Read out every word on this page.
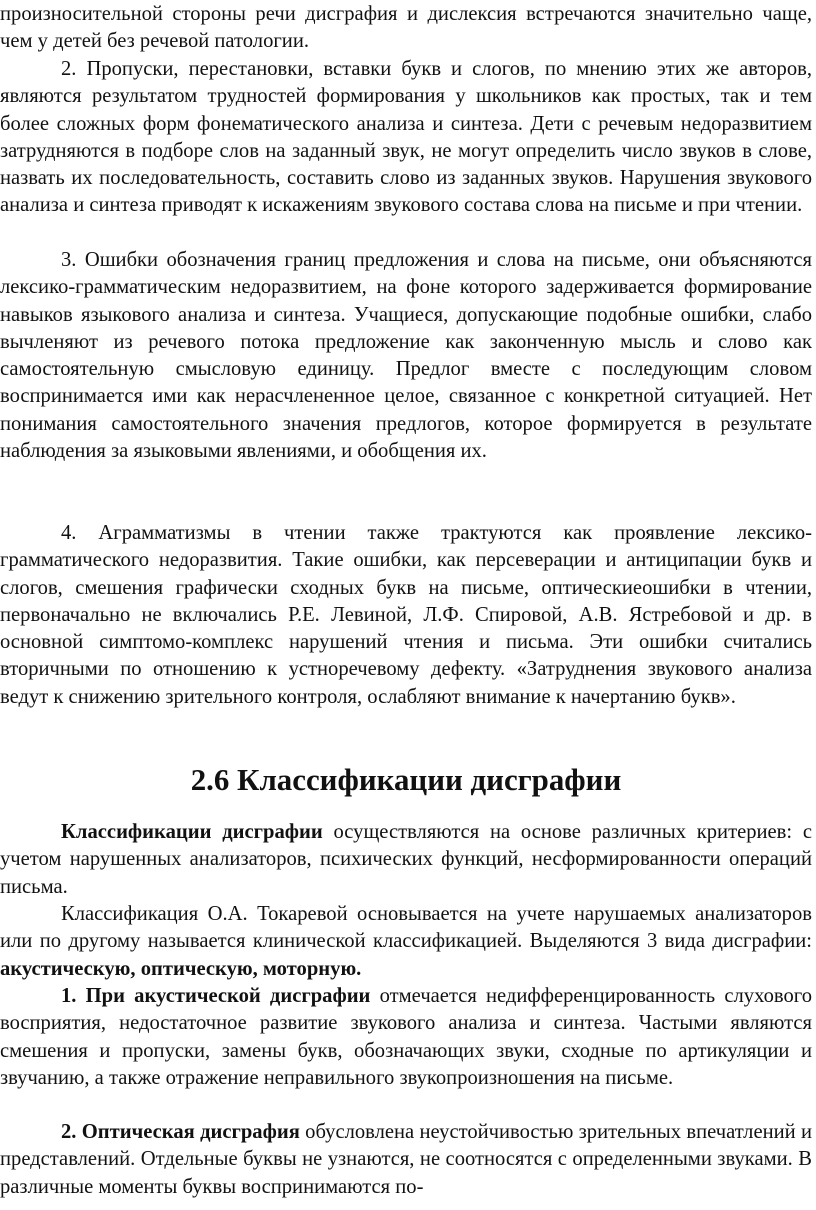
произносительной стороны речи дисграфия и дислексия встречаются значительно чаще, чем у детей без речевой патологии.

2. Пропуски, перестановки, вставки букв и слогов, по мнению этих же авторов, являются результатом трудностей формирования у школьников как простых, так и тем более сложных форм фонематического анализа и синтеза. Дети с речевым недоразвитием затрудняются в подборе слов на заданный звук, не могут определить число звуков в слове, назвать их последовательность, составить слово из заданных звуков. Нарушения звукового анализа и синтеза приводят к искажениям звукового состава слова на письме и при чтении.

3. Ошибки обозначения границ предложения и слова на письме, они объясняются лексико-грамматическим недоразвитием, на фоне которого задерживается формирование навыков языкового анализа и синтеза. Учащиеся, допускающие подобные ошибки, слабо вычленяют из речевого потока предложение как законченную мысль и слово как самостоятельную смысловую единицу. Предлог вместе с последующим словом воспринимается ими как нерасчлененное целое, связанное с конкретной ситуацией. Нет понимания самостоятельного значения предлогов, которое формируется в результате наблюдения за языковыми явлениями, и обобщения их.

4. Аграмматизмы в чтении также трактуются как проявление лексико-грамматического недоразвития. Такие ошибки, как персеверации и антиципации букв и слогов, смешения графически сходных букв на письме, оптическиеошибки в чтении, первоначально не включались Р.Е. Левиной, Л.Ф. Спировой, А.В. Ястребовой и др. в основной симптомо-комплекс нарушений чтения и письма. Эти ошибки считались вторичными по отношению к устноречевому дефекту. «Затруднения звукового анализа ведут к снижению зрительного контроля, ослабляют внимание к начертанию букв».

2.6 Классификации дисграфии

Классификации дисграфии осуществляются на основе различных критериев: с учетом нарушенных анализаторов, психических функций, несформированности операций письма.

Классификация О.А. Токаревой основывается на учете нарушаемых анализаторов или по другому называется клинической классификацией. Выделяются 3 вида дисграфии: акустическую, оптическую, моторную.

1. При акустической дисграфии отмечается недифференцированность слухового восприятия, недостаточное развитие звукового анализа и синтеза. Частыми являются смешения и пропуски, замены букв, обозначающих звуки, сходные по артикуляции и звучанию, а также отражение неправильного звукопроизношения на письме.

2. Оптическая дисграфия обусловлена неустойчивостью зрительных впечатлений и представлений. Отдельные буквы не узнаются, не соотносятся с определенными звуками. В различные моменты буквы воспринимаются по-
